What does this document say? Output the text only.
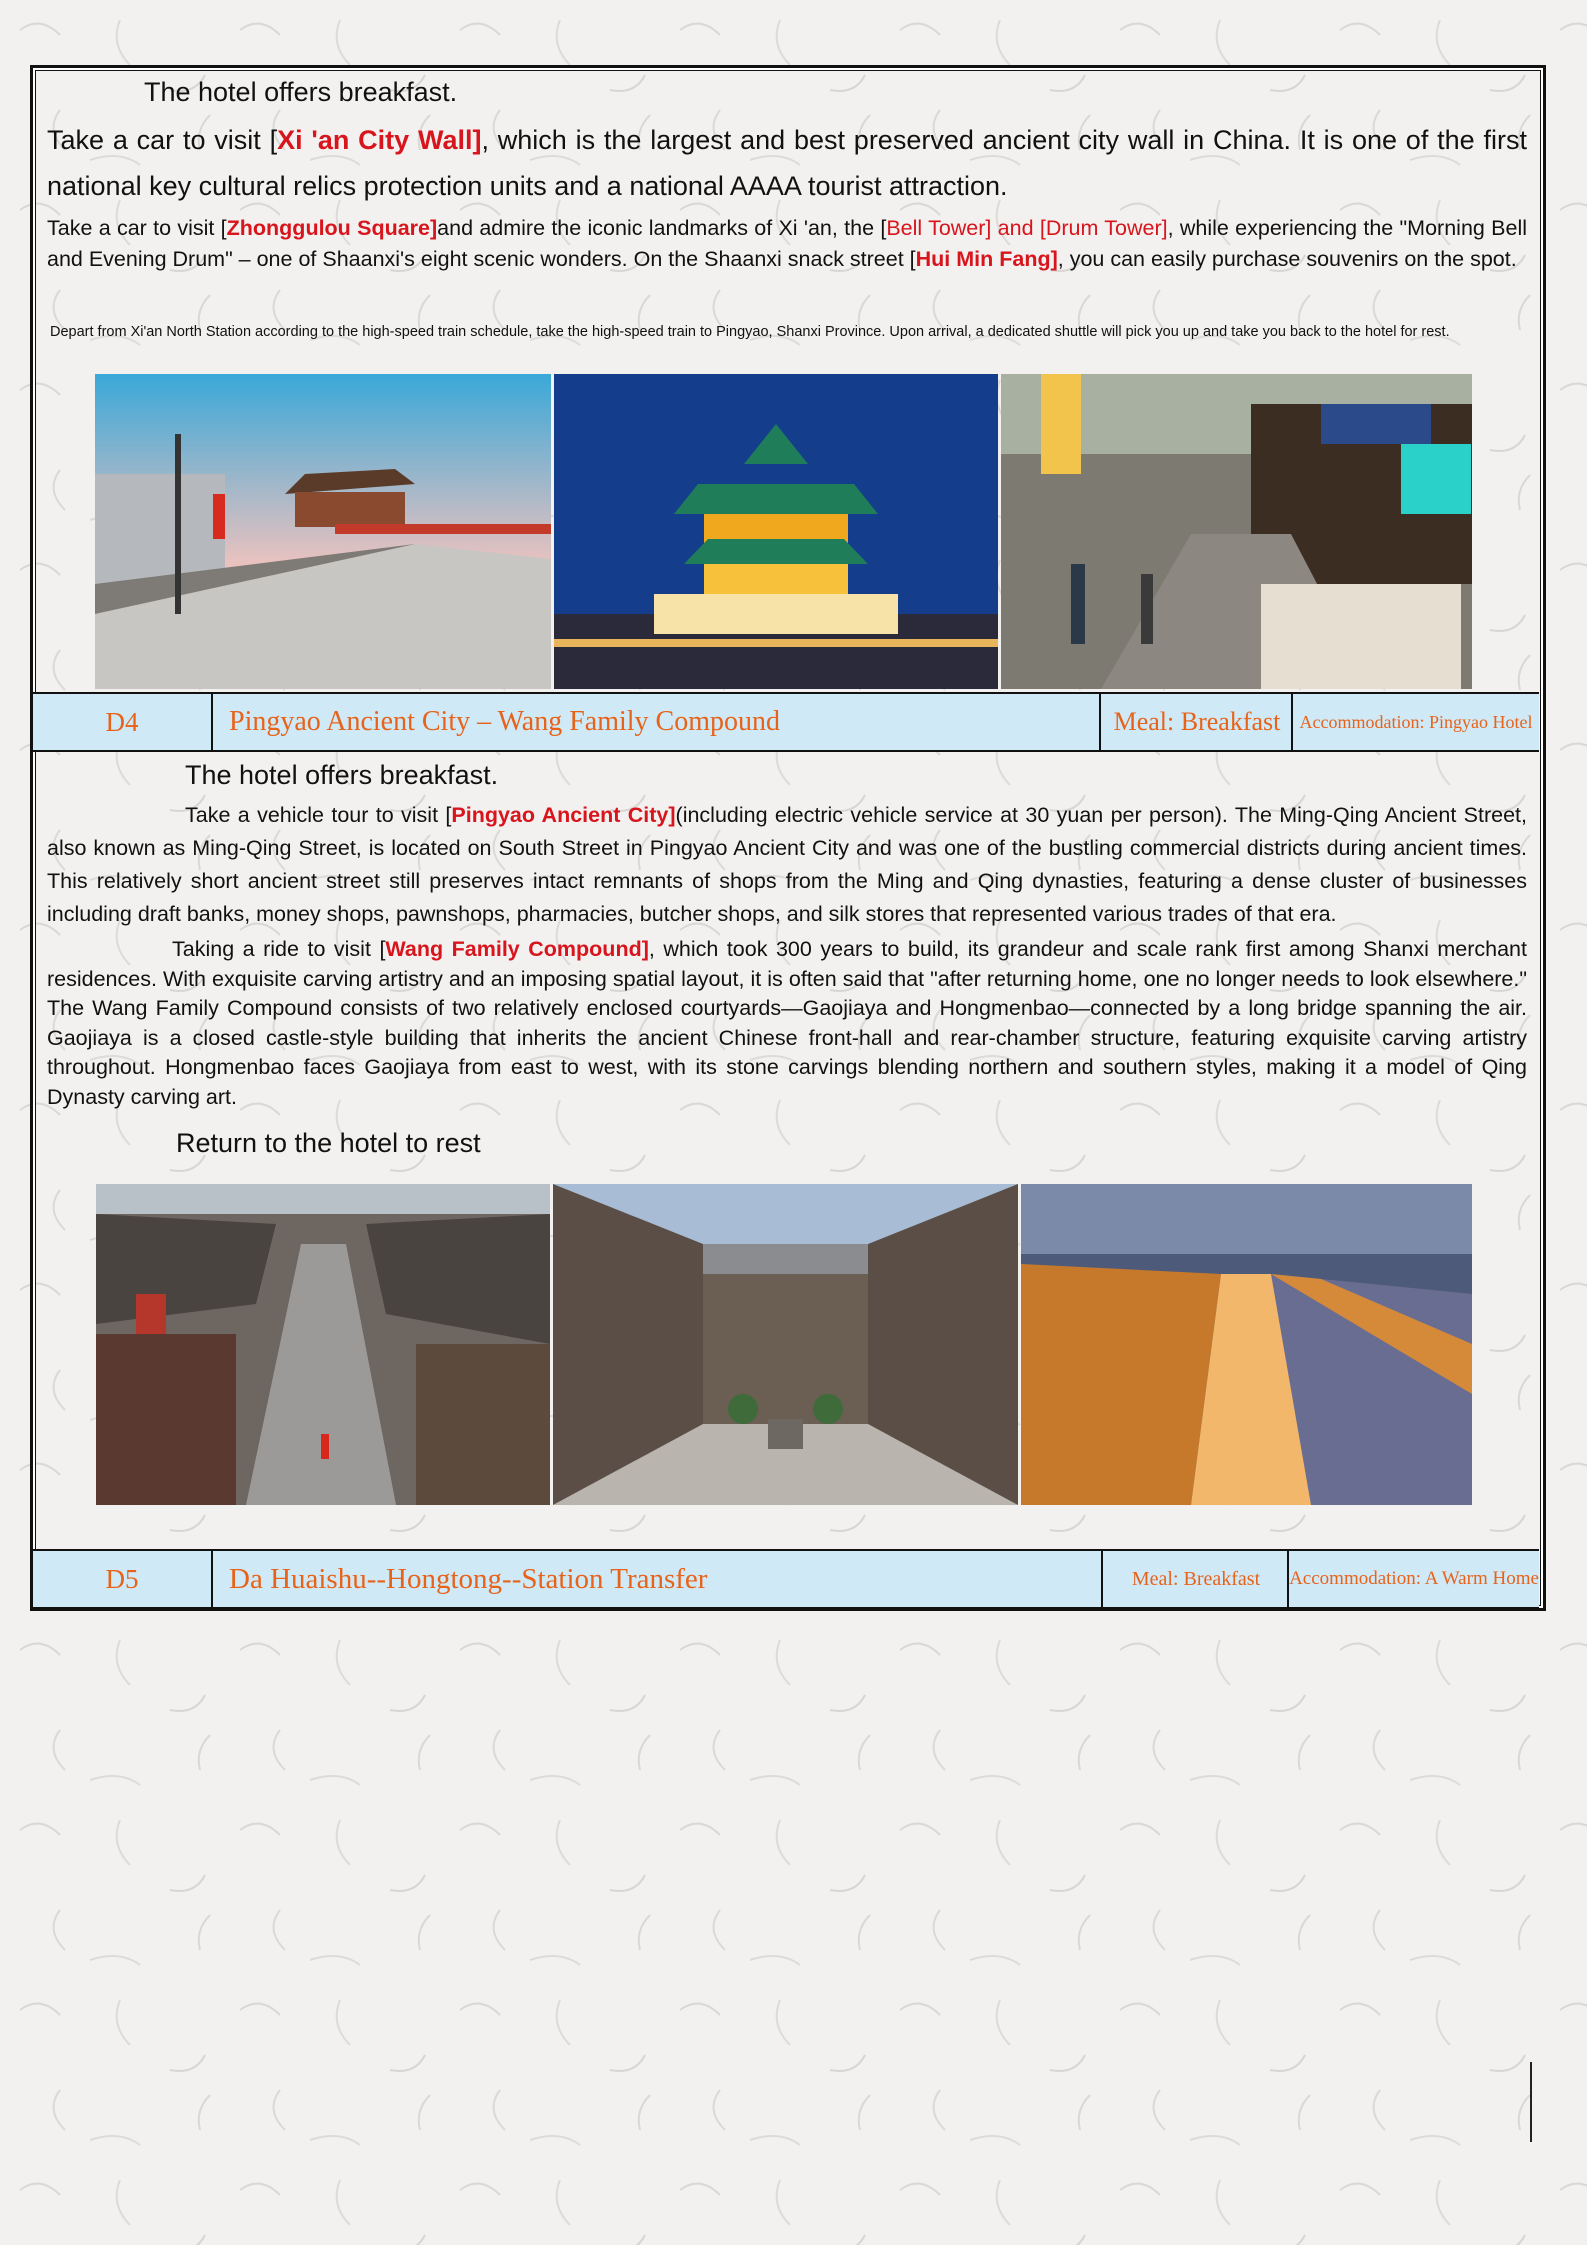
The hotel offers breakfast.

Take a car to visit [Xi 'an City Wall], which is the largest and best preserved ancient city wall in China. It is one of the first national key cultural relics protection units and a national AAAA tourist attraction.

Take a car to visit [Zhonggulou Square]and admire the iconic landmarks of Xi 'an, the [Bell Tower] and [Drum Tower], while experiencing the "Morning Bell and Evening Drum" – one of Shaanxi's eight scenic wonders. On the Shaanxi snack street [Hui Min Fang], you can easily purchase souvenirs on the spot.

Depart from Xi'an North Station according to the high-speed train schedule, take the high-speed train to Pingyao, Shanxi Province. Upon arrival, a dedicated shuttle will pick you up and take you back to the hotel for rest.

D4	Pingyao Ancient City – Wang Family Compound	Meal: Breakfast	Accommodation: Pingyao Hotel

The hotel offers breakfast.

Take a vehicle tour to visit [Pingyao Ancient City](including electric vehicle service at 30 yuan per person). The Ming-Qing Ancient Street, also known as Ming-Qing Street, is located on South Street in Pingyao Ancient City and was one of the bustling commercial districts during ancient times. This relatively short ancient street still preserves intact remnants of shops from the Ming and Qing dynasties, featuring a dense cluster of businesses including draft banks, money shops, pawnshops, pharmacies, butcher shops, and silk stores that represented various trades of that era.

Taking a ride to visit [Wang Family Compound], which took 300 years to build, its grandeur and scale rank first among Shanxi merchant residences. With exquisite carving artistry and an imposing spatial layout, it is often said that "after returning home, one no longer needs to look elsewhere." The Wang Family Compound consists of two relatively enclosed courtyards—Gaojiaya and Hongmenbao—connected by a long bridge spanning the air. Gaojiaya is a closed castle-style building that inherits the ancient Chinese front-hall and rear-chamber structure, featuring exquisite carving artistry throughout. Hongmenbao faces Gaojiaya from east to west, with its stone carvings blending northern and southern styles, making it a model of Qing Dynasty carving art.

Return to the hotel to rest

D5	Da Huaishu--Hongtong--Station Transfer	Meal: Breakfast	Accommodation: A Warm Home
